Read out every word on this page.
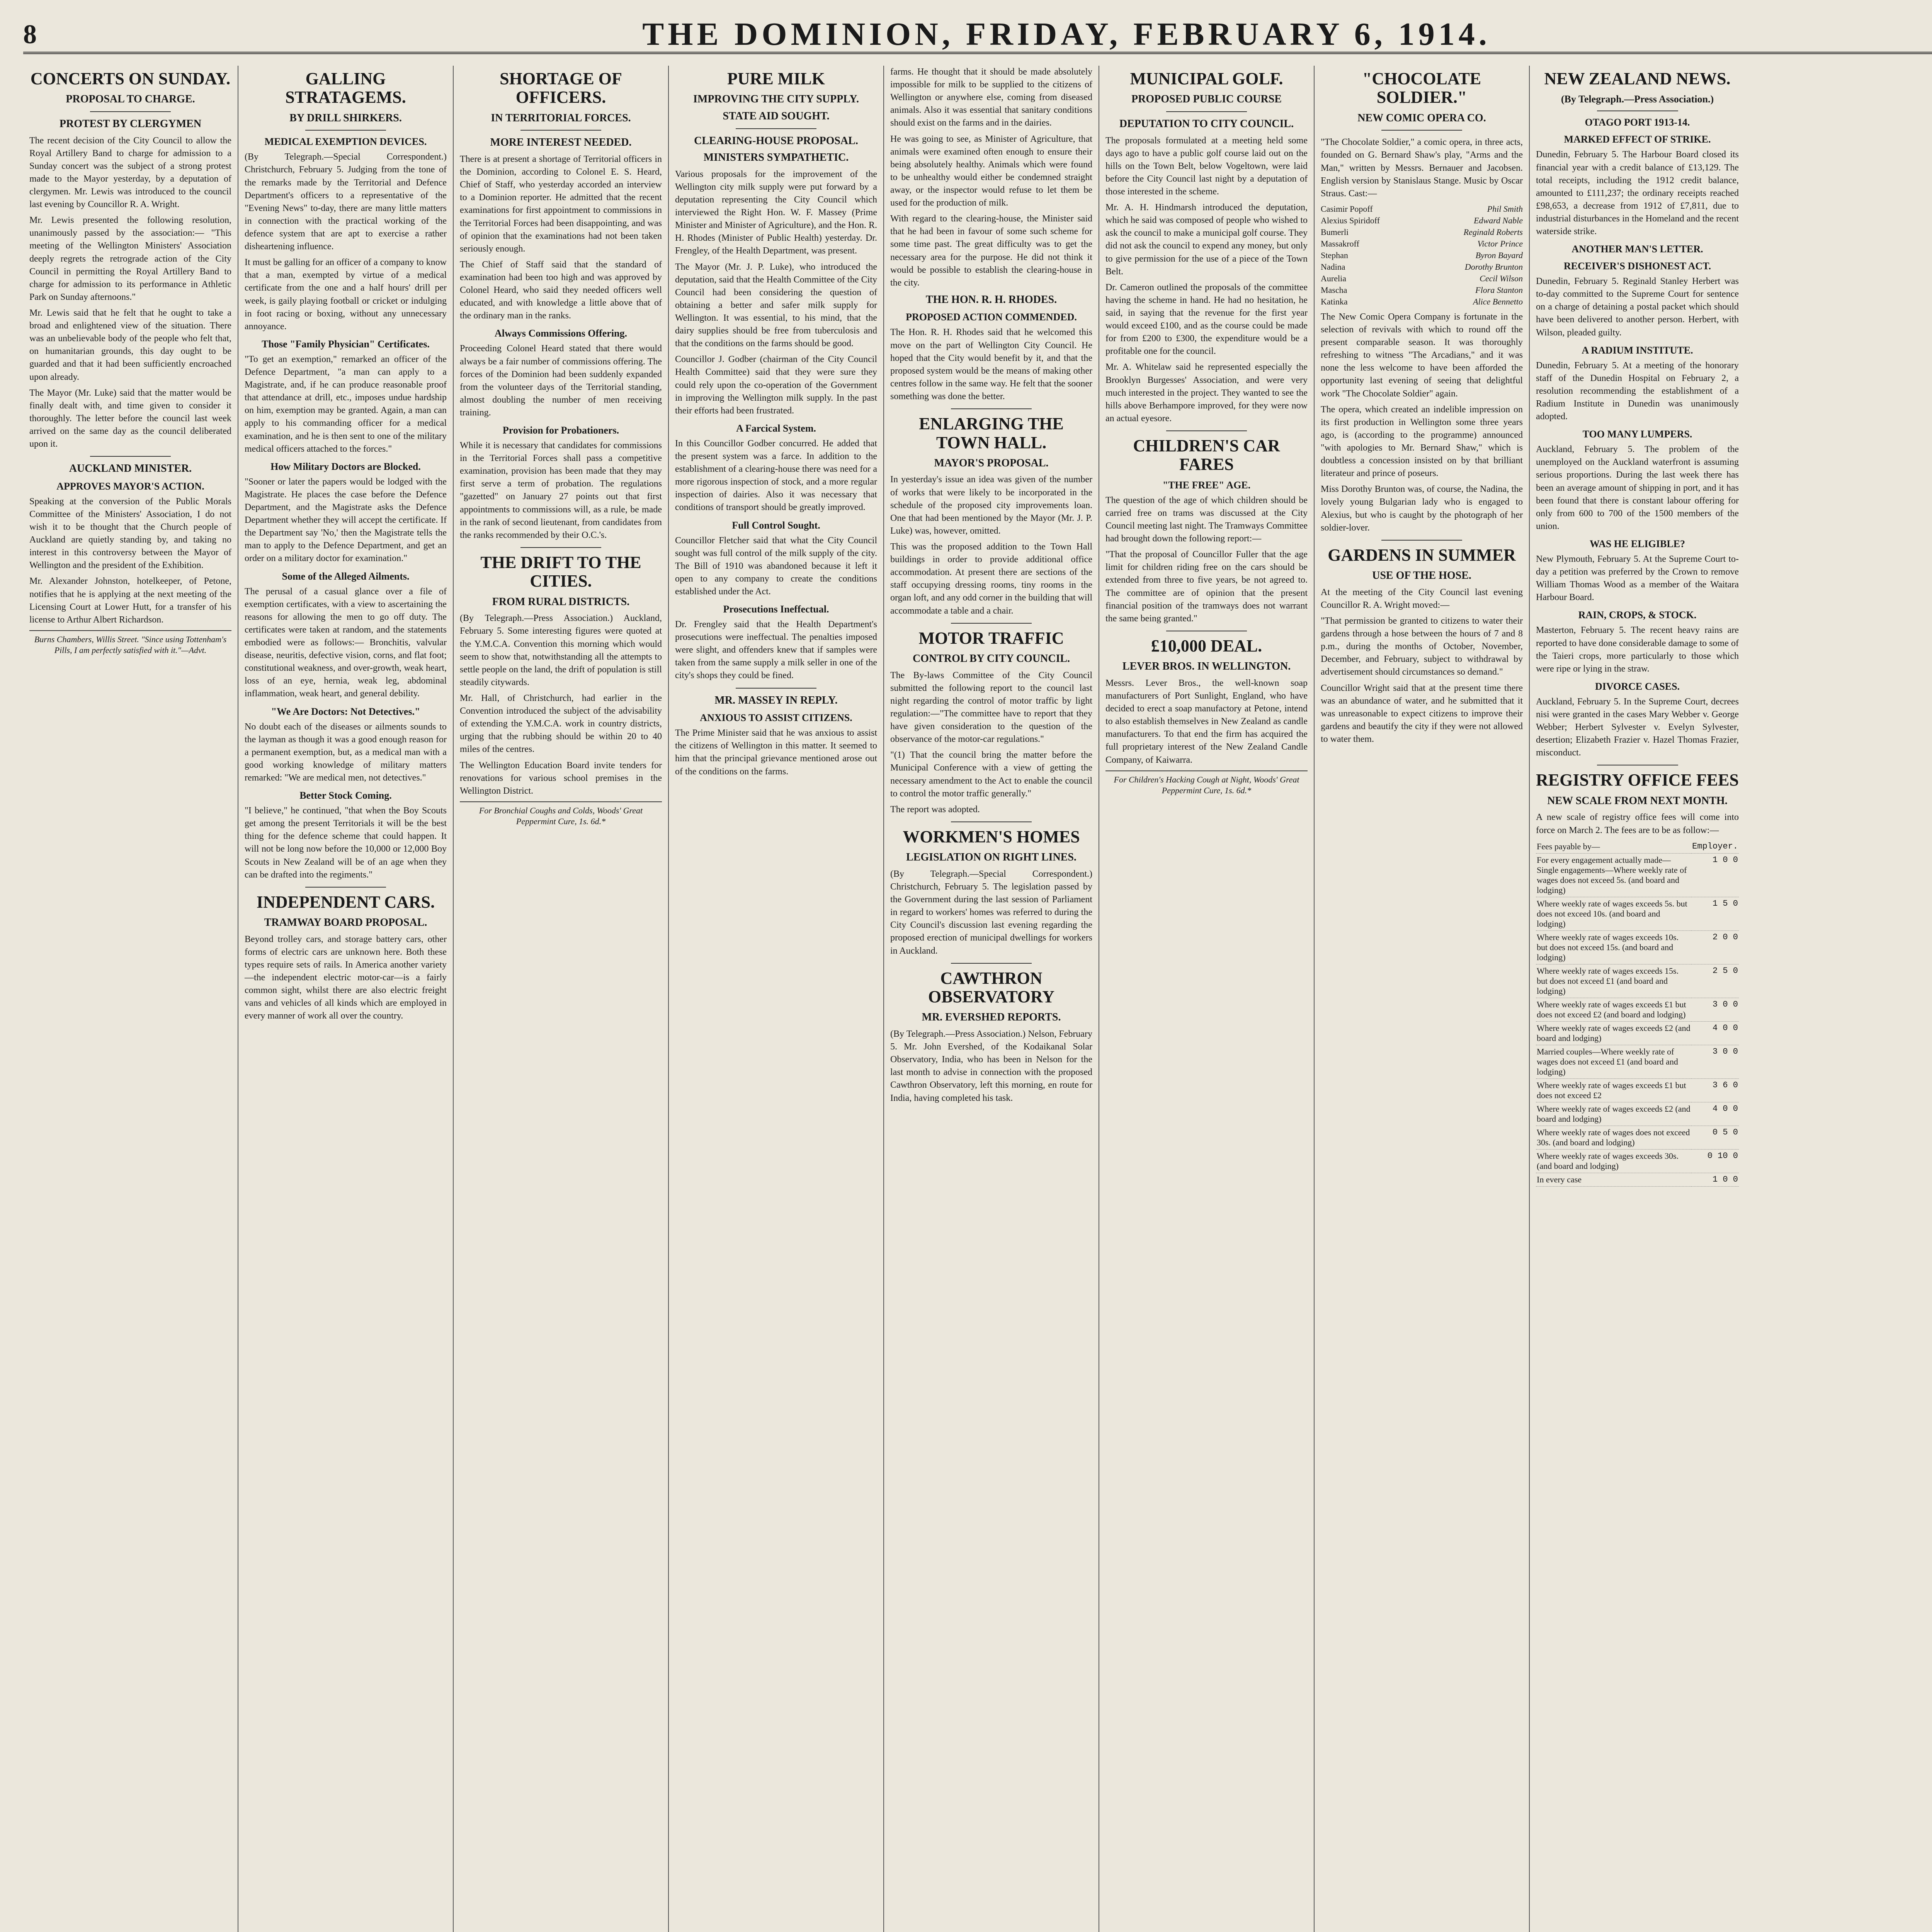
8	THE DOMINION, FRIDAY, FEBRUARY 6, 1914.
CONCERTS ON SUNDAY.
PROPOSAL TO CHARGE.
PROTEST BY CLERGYMEN

The recent decision of the City Council to allow the Royal Artillery Band to charge for admission to a Sunday concert was the subject of a strong protest made to the Mayor yesterday, by a deputation of clergymen. Mr. Lewis was introduced to the council last evening by Councillor R. A. Wright.

Mr. Lewis presented the following resolution, unanimously passed by the association:— "This meeting of the Wellington Ministers' Association deeply regrets the retrograde action of the City Council in permitting the Royal Artillery Band to charge for admission to its performance in Athletic Park on Sunday afternoons."

Mr. Lewis said that he felt that he ought to take a broad and enlightened view of the situation. There was an unbelievable body of the people who felt that, on humanitarian grounds, this day ought to be guarded and that it had been sufficiently encroached upon already.

The Mayor (Mr. Luke) said that the matter would be finally dealt with, and time given to consider it thoroughly. The letter before the council last week arrived on the same day as the council deliberated upon it.

AUCKLAND MINISTER.
APPROVES MAYOR'S ACTION.

Speaking at the conversion of the Public Morals Committee of the Ministers' Association, I do not wish it to be thought that the Church people of Auckland are quietly standing by, and taking no interest in this controversy between the Mayor of Wellington and the president of the Exhibition.

Mr. Alexander Johnston, hotelkeeper, of Petone, notifies that he is applying at the next meeting of the Licensing Court at Lower Hutt, for a transfer of his license to Arthur Albert Richardson.

Burns Chambers, Willis Street. "Since using Tottenham's Pills, I am perfectly satisfied with it."—Advt.
GALLING STRATAGEMS.
BY DRILL SHIRKERS.
MEDICAL EXEMPTION DEVICES.

(By Telegraph.—Special Correspondent.) Christchurch, February 5. Judging from the tone of the remarks made by the Territorial and Defence Department's officers to a representative of the "Evening News" to-day, there are many little matters in connection with the practical working of the defence system that are apt to exercise a rather disheartening influence.

It must be galling for an officer of a company to know that a man, exempted by virtue of a medical certificate from the one and a half hours' drill per week, is gaily playing football or cricket or indulging in foot racing or boxing, without any unnecessary annoyance.

Those "Family Physician" Certificates.

"To get an exemption," remarked an officer of the Defence Department, "a man can apply to a Magistrate, and, if he can produce reasonable proof that attendance at drill, etc., imposes undue hardship on him, exemption may be granted. Again, a man can apply to his commanding officer for a medical examination, and he is then sent to one of the military medical officers attached to the forces."

How Military Doctors are Blocked.

"Sooner or later the papers would be lodged with the Magistrate. He places the case before the Defence Department, and the Magistrate asks the Defence Department whether they will accept the certificate. If the Department say 'No,' then the Magistrate tells the man to apply to the Defence Department, and get an order on a military doctor for examination."

Some of the Alleged Ailments.

The perusal of a casual glance over a file of exemption certificates, with a view to ascertaining the reasons for allowing the men to go off duty. The certificates were taken at random, and the statements embodied were as follows:— Bronchitis, valvular disease, neuritis, defective vision, corns, and flat foot; constitutional weakness, and over-growth, weak heart, loss of an eye, hernia, weak leg, abdominal inflammation, weak heart, and general debility.

"We Are Doctors: Not Detectives."

No doubt each of the diseases or ailments sounds to the layman as though it was a good enough reason for a permanent exemption, but, as a medical man with a good working knowledge of military matters remarked: "We are medical men, not detectives."

Better Stock Coming.

"I believe," he continued, "that when the Boy Scouts get among the present Territorials it will be the best thing for the defence scheme that could happen. It will not be long now before the 10,000 or 12,000 Boy Scouts in New Zealand will be of an age when they can be drafted into the regiments."

INDEPENDENT CARS.
TRAMWAY BOARD PROPOSAL.

Beyond trolley cars, and storage battery cars, other forms of electric cars are unknown here. Both these types require sets of rails. In America another variety—the independent electric motor-car—is a fairly common sight, whilst there are also electric freight vans and vehicles of all kinds which are employed in every manner of work all over the country.

SHORTAGE OF OFFICERS.
IN TERRITORIAL FORCES.
MORE INTEREST NEEDED.

There is at present a shortage of Territorial officers in the Dominion, according to Colonel E. S. Heard, Chief of Staff, who yesterday accorded an interview to a Dominion reporter. He admitted that the recent examinations for first appointment to commissions in the Territorial Forces had been disappointing, and was of opinion that the examinations had not been taken seriously enough.

The Chief of Staff said that the standard of examination had been too high and was approved by Colonel Heard, who said they needed officers well educated, and with knowledge a little above that of the ordinary man in the ranks.

Always Commissions Offering.

Proceeding Colonel Heard stated that there would always be a fair number of commissions offering. The forces of the Dominion had been suddenly expanded from the volunteer days of the Territorial standing, almost doubling the number of men receiving training.

Provision for Probationers.

While it is necessary that candidates for commissions in the Territorial Forces shall pass a competitive examination, provision has been made that they may first serve a term of probation. The regulations "gazetted" on January 27 points out that first appointments to commissions will, as a rule, be made in the rank of second lieutenant, from candidates from the ranks recommended by their O.C.'s.

THE DRIFT TO THE CITIES.
FROM RURAL DISTRICTS.

(By Telegraph.—Press Association.) Auckland, February 5. Some interesting figures were quoted at the Y.M.C.A. Convention this morning which would seem to show that, notwithstanding all the attempts to settle people on the land, the drift of population is still steadily citywards.

Mr. Hall, of Christchurch, had earlier in the Convention introduced the subject of the advisability of extending the Y.M.C.A. work in country districts, urging that the rubbing should be within 20 to 40 miles of the centres.

The Wellington Education Board invite tenders for renovations for various school premises in the Wellington District.

For Bronchial Coughs and Colds, Woods' Great Peppermint Cure, 1s. 6d.*
PURE MILK
IMPROVING THE CITY SUPPLY.
STATE AID SOUGHT.
CLEARING-HOUSE PROPOSAL.
MINISTERS SYMPATHETIC.

Various proposals for the improvement of the Wellington city milk supply were put forward by a deputation representing the City Council which interviewed the Right Hon. W. F. Massey (Prime Minister and Minister of Agriculture), and the Hon. R. H. Rhodes (Minister of Public Health) yesterday. Dr. Frengley, of the Health Department, was present.

The Mayor (Mr. J. P. Luke), who introduced the deputation, said that the Health Committee of the City Council had been considering the question of obtaining a better and safer milk supply for Wellington. It was essential, to his mind, that the dairy supplies should be free from tuberculosis and that the conditions on the farms should be good.

Councillor J. Godber (chairman of the City Council Health Committee) said that they were sure they could rely upon the co-operation of the Government in improving the Wellington milk supply. In the past their efforts had been frustrated.

A Farcical System.

In this Councillor Godber concurred. He added that the present system was a farce. In addition to the establishment of a clearing-house there was need for a more rigorous inspection of stock, and a more regular inspection of dairies. Also it was necessary that conditions of transport should be greatly improved.

Full Control Sought.

Councillor Fletcher said that what the City Council sought was full control of the milk supply of the city. The Bill of 1910 was abandoned because it left it open to any company to create the conditions established under the Act.

Prosecutions Ineffectual.

Dr. Frengley said that the Health Department's prosecutions were ineffectual. The penalties imposed were slight, and offenders knew that if samples were taken from the same supply a milk seller in one of the city's shops they could be fined.

MR. MASSEY IN REPLY.
ANXIOUS TO ASSIST CITIZENS.

The Prime Minister said that he was anxious to assist the citizens of Wellington in this matter. It seemed to him that the principal grievance mentioned arose out of the conditions on the farms.

farms. He thought that it should be made absolutely impossible for milk to be supplied to the citizens of Wellington or anywhere else, coming from diseased animals. Also it was essential that sanitary conditions should exist on the farms and in the dairies.

He was going to see, as Minister of Agriculture, that animals were examined often enough to ensure their being absolutely healthy. Animals which were found to be unhealthy would either be condemned straight away, or the inspector would refuse to let them be used for the production of milk.

With regard to the clearing-house, the Minister said that he had been in favour of some such scheme for some time past. The great difficulty was to get the necessary area for the purpose. He did not think it would be possible to establish the clearing-house in the city.

THE HON. R. H. RHODES.
PROPOSED ACTION COMMENDED.

The Hon. R. H. Rhodes said that he welcomed this move on the part of Wellington City Council. He hoped that the City would benefit by it, and that the proposed system would be the means of making other centres follow in the same way. He felt that the sooner something was done the better.

ENLARGING THE TOWN HALL.
MAYOR'S PROPOSAL.

In yesterday's issue an idea was given of the number of works that were likely to be incorporated in the schedule of the proposed city improvements loan. One that had been mentioned by the Mayor (Mr. J. P. Luke) was, however, omitted.

This was the proposed addition to the Town Hall buildings in order to provide additional office accommodation. At present there are sections of the staff occupying dressing rooms, tiny rooms in the organ loft, and any odd corner in the building that will accommodate a table and a chair.

MOTOR TRAFFIC
CONTROL BY CITY COUNCIL.

The By-laws Committee of the City Council submitted the following report to the council last night regarding the control of motor traffic by light regulation:—"The committee have to report that they have given consideration to the question of the observance of the motor-car regulations."

"(1) That the council bring the matter before the Municipal Conference with a view of getting the necessary amendment to the Act to enable the council to control the motor traffic generally."

The report was adopted.

WORKMEN'S HOMES
LEGISLATION ON RIGHT LINES.

(By Telegraph.—Special Correspondent.) Christchurch, February 5. The legislation passed by the Government during the last session of Parliament in regard to workers' homes was referred to during the City Council's discussion last evening regarding the proposed erection of municipal dwellings for workers in Auckland.

CAWTHRON OBSERVATORY
MR. EVERSHED REPORTS.

(By Telegraph.—Press Association.) Nelson, February 5. Mr. John Evershed, of the Kodaikanal Solar Observatory, India, who has been in Nelson for the last month to advise in connection with the proposed Cawthron Observatory, left this morning, en route for India, having completed his task.

MUNICIPAL GOLF.
PROPOSED PUBLIC COURSE
DEPUTATION TO CITY COUNCIL.

The proposals formulated at a meeting held some days ago to have a public golf course laid out on the hills on the Town Belt, below Vogeltown, were laid before the City Council last night by a deputation of those interested in the scheme.

Mr. A. H. Hindmarsh introduced the deputation, which he said was composed of people who wished to ask the council to make a municipal golf course. They did not ask the council to expend any money, but only to give permission for the use of a piece of the Town Belt.

Dr. Cameron outlined the proposals of the committee having the scheme in hand. He had no hesitation, he said, in saying that the revenue for the first year would exceed £100, and as the course could be made for from £200 to £300, the expenditure would be a profitable one for the council.

Mr. A. Whitelaw said he represented especially the Brooklyn Burgesses' Association, and were very much interested in the project. They wanted to see the hills above Berhampore improved, for they were now an actual eyesore.

CHILDREN'S CAR FARES
"THE FREE" AGE.

The question of the age of which children should be carried free on trams was discussed at the City Council meeting last night. The Tramways Committee had brought down the following report:—

"That the proposal of Councillor Fuller that the age limit for children riding free on the cars should be extended from three to five years, be not agreed to. The committee are of opinion that the present financial position of the tramways does not warrant the same being granted."

£10,000 DEAL.
LEVER BROS. IN WELLINGTON.

Messrs. Lever Bros., the well-known soap manufacturers of Port Sunlight, England, who have decided to erect a soap manufactory at Petone, intend to also establish themselves in New Zealand as candle manufacturers. To that end the firm has acquired the full proprietary interest of the New Zealand Candle Company, of Kaiwarra.

For Children's Hacking Cough at Night, Woods' Great Peppermint Cure, 1s. 6d.*
"CHOCOLATE SOLDIER."
NEW COMIC OPERA CO.

"The Chocolate Soldier," a comic opera, in three acts, founded on G. Bernard Shaw's play, "Arms and the Man," written by Messrs. Bernauer and Jacobsen. English version by Stanislaus Stange. Music by Oscar Straus. Cast:—

Casimir Popoff	Phil Smith
Alexius Spiridoff	Edward Nable
Bumerli	Reginald Roberts
Massakroff	Victor Prince
Stephan	Byron Bayard
Nadina	Dorothy Brunton
Aurelia	Cecil Wilson
Mascha	Flora Stanton
Katinka	Alice Bennetto

The New Comic Opera Company is fortunate in the selection of revivals with which to round off the present comparable season. It was thoroughly refreshing to witness "The Arcadians," and it was none the less welcome to have been afforded the opportunity last evening of seeing that delightful work "The Chocolate Soldier" again.

The opera, which created an indelible impression on its first production in Wellington some three years ago, is (according to the programme) announced "with apologies to Mr. Bernard Shaw," which is doubtless a concession insisted on by that brilliant literateur and prince of poseurs.

Miss Dorothy Brunton was, of course, the Nadina, the lovely young Bulgarian lady who is engaged to Alexius, but who is caught by the photograph of her soldier-lover.

GARDENS IN SUMMER
USE OF THE HOSE.

At the meeting of the City Council last evening Councillor R. A. Wright moved:—

"That permission be granted to citizens to water their gardens through a hose between the hours of 7 and 8 p.m., during the months of October, November, December, and February, subject to withdrawal by advertisement should circumstances so demand."

Councillor Wright said that at the present time there was an abundance of water, and he submitted that it was unreasonable to expect citizens to improve their gardens and beautify the city if they were not allowed to water them.

NEW ZEALAND NEWS.
(By Telegraph.—Press Association.)
OTAGO PORT 1913-14.
MARKED EFFECT OF STRIKE.

Dunedin, February 5. The Harbour Board closed its financial year with a credit balance of £13,129. The total receipts, including the 1912 credit balance, amounted to £111,237; the ordinary receipts reached £98,653, a decrease from 1912 of £7,811, due to industrial disturbances in the Homeland and the recent waterside strike.

ANOTHER MAN'S LETTER.
RECEIVER'S DISHONEST ACT.

Dunedin, February 5. Reginald Stanley Herbert was to-day committed to the Supreme Court for sentence on a charge of detaining a postal packet which should have been delivered to another person. Herbert, with Wilson, pleaded guilty.

A RADIUM INSTITUTE.

Dunedin, February 5. At a meeting of the honorary staff of the Dunedin Hospital on February 2, a resolution recommending the establishment of a Radium Institute in Dunedin was unanimously adopted.

TOO MANY LUMPERS.

Auckland, February 5. The problem of the unemployed on the Auckland waterfront is assuming serious proportions. During the last week there has been an average amount of shipping in port, and it has been found that there is constant labour offering for only from 600 to 700 of the 1500 members of the union.

WAS HE ELIGIBLE?

New Plymouth, February 5. At the Supreme Court to-day a petition was preferred by the Crown to remove William Thomas Wood as a member of the Waitara Harbour Board.

RAIN, CROPS, & STOCK.

Masterton, February 5. The recent heavy rains are reported to have done considerable damage to some of the Taieri crops, more particularly to those which were ripe or lying in the straw.

DIVORCE CASES.

Auckland, February 5. In the Supreme Court, decrees nisi were granted in the cases Mary Webber v. George Webber; Herbert Sylvester v. Evelyn Sylvester, desertion; Elizabeth Frazier v. Hazel Thomas Frazier, misconduct.

REGISTRY OFFICE FEES
NEW SCALE FROM NEXT MONTH.

A new scale of registry office fees will come into force on March 2. The fees are to be as follow:—

Fees payable by—	Employer.
For every engagement actually made—Single engagements—Where weekly rate of wages does not exceed 5s. (and board and lodging)	1 0 0
Where weekly rate of wages exceeds 5s. but does not exceed 10s. (and board and lodging)	1 5 0
Where weekly rate of wages exceeds 10s. but does not exceed 15s. (and board and lodging)	2 0 0
Where weekly rate of wages exceeds 15s. but does not exceed £1 (and board and lodging)	2 5 0
Where weekly rate of wages exceeds £1 but does not exceed £2 (and board and lodging)	3 0 0
Where weekly rate of wages exceeds £2 (and board and lodging)	4 0 0
Married couples—Where weekly rate of wages does not exceed £1 (and board and lodging)	3 0 0
Where weekly rate of wages exceeds £1 but does not exceed £2	3 6 0
Where weekly rate of wages exceeds £2 (and board and lodging)	4 0 0
Where weekly rate of wages does not exceed 30s. (and board and lodging)	0 5 0
Where weekly rate of wages exceeds 30s. (and board and lodging)	0 10 0
In every case	1 0 0
